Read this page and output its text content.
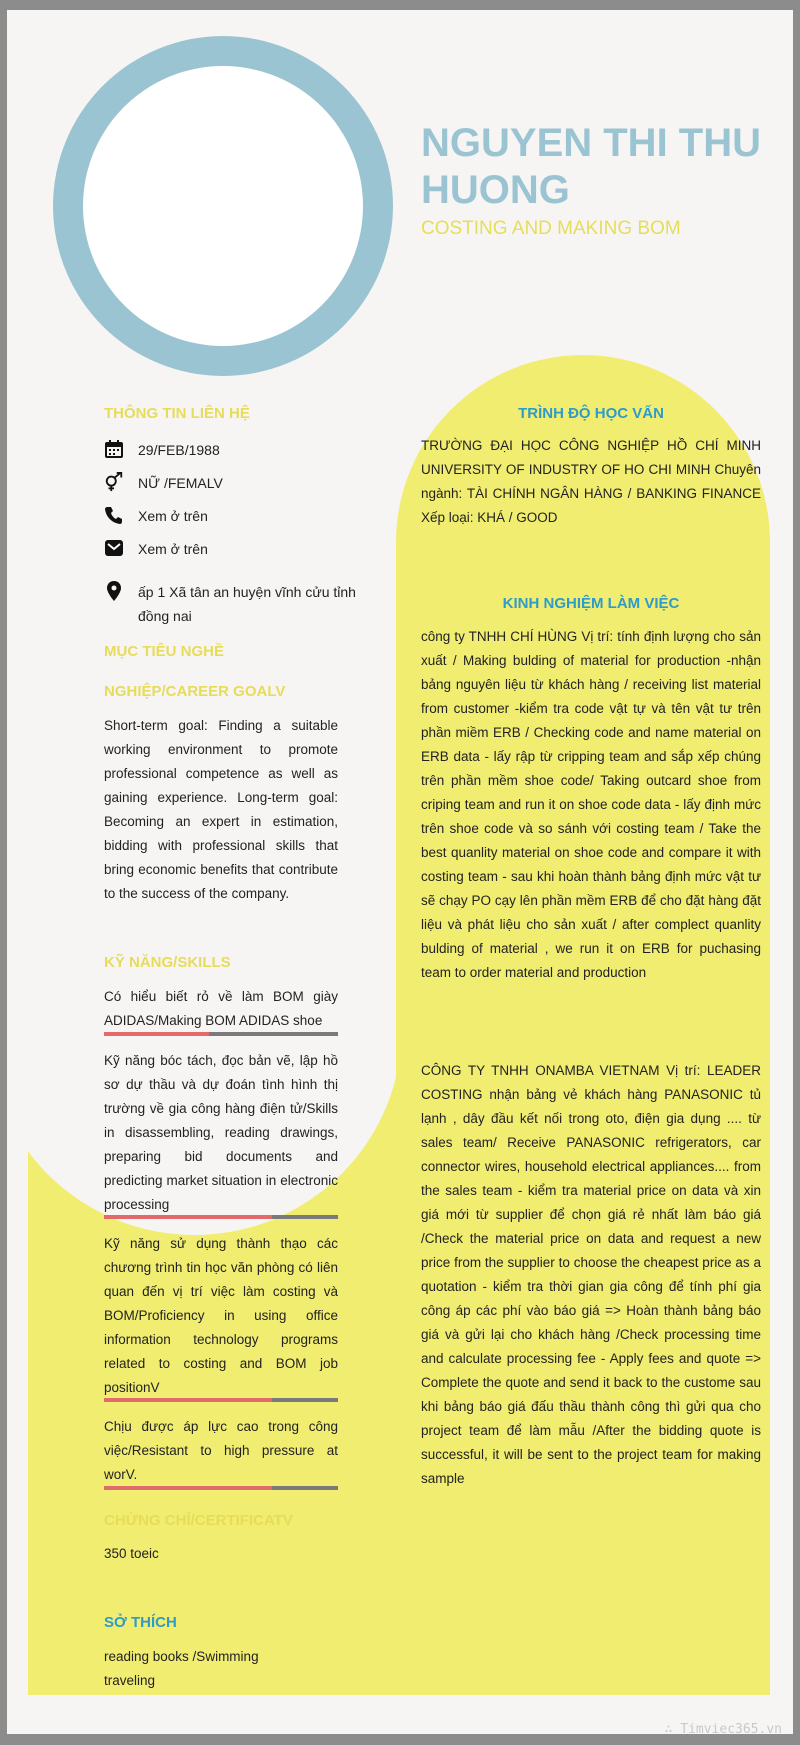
NGUYEN THI THU HUONG
COSTING AND MAKING BOM
THÔNG TIN LIÊN HỆ
29/FEB/1988
NỮ /FEMALV
Xem ở trên
Xem ở trên
ấp 1 Xã tân an huyện vĩnh cửu tỉnh đồng nai
MỤC TIÊU NGHỀ
NGHIỆP/CAREER GOALV
Short-term goal: Finding a suitable working environment to promote professional competence as well as gaining experience. Long-term goal: Becoming an expert in estimation, bidding with professional skills that bring economic benefits that contribute to the success of the company.
KỸ NĂNG/SKILLS
Có hiểu biết rỏ về làm BOM giày ADIDAS/Making BOM ADIDAS shoe
Kỹ năng bóc tách, đọc bản vẽ, lập hồ sơ dự thầu và dự đoán tình hình thị trường về gia công hàng điện tử/Skills in disassembling, reading drawings, preparing bid documents and predicting market situation in electronic processing
Kỹ năng sử dụng thành thạo các chương trình tin học văn phòng có liên quan đến vị trí việc làm costing và BOM/Proficiency in using office information technology programs related to costing and BOM job positionV
Chịu được áp lực cao trong công việc/Resistant to high pressure at worV.
CHỨNG CHỈ/CERTIFICATV
350 toeic
SỞ THÍCH
reading books /Swimming
traveling
TRÌNH ĐỘ HỌC VẤN
TRƯỜNG ĐẠI HỌC CÔNG NGHIỆP HỒ CHÍ MINH UNIVERSITY OF INDUSTRY OF HO CHI MINH Chuyên ngành: TÀI CHÍNH NGÂN HÀNG / BANKING FINANCE Xếp loại: KHÁ / GOOD
KINH NGHIỆM LÀM VIỆC
công ty TNHH CHÍ HÙNG Vị trí: tính định lượng cho sản xuất / Making bulding of material for production -nhận bảng nguyên liệu từ khách hàng / receiving list material from customer -kiểm tra code vật tự và tên vật tư trên phần miềm ERB / Checking code and name material on ERB data - lấy rập từ cripping team and sắp xếp chúng trên phần mềm shoe code/ Taking outcard shoe from criping team and run it on shoe code data - lấy định mức trên shoe code và so sánh với costing team / Take the best quanlity material on shoe code and compare it with costing team - sau khi hoàn thành bảng định mức vật tư sẽ chạy PO cạy lên phần mềm ERB để cho đặt hàng đặt liệu và phát liệu cho sản xuất / after complect quanlity bulding of material , we run it on ERB for puchasing team to order material and production
CÔNG TY TNHH ONAMBA VIETNAM Vị trí: LEADER COSTING nhận bảng vẻ khách hàng PANASONIC tủ lạnh , dây đầu kết nối trong oto, điện gia dụng .... từ sales team/ Receive PANASONIC refrigerators, car connector wires, household electrical appliances.... from the sales team - kiểm tra material price on data và xin giá mới từ supplier để chọn giá rẻ nhất làm báo giá /Check the material price on data and request a new price from the supplier to choose the cheapest price as a quotation - kiểm tra thời gian gia công để tính phí gia công áp các phí vào báo giá => Hoàn thành bảng báo giá và gửi lại cho khách hàng /Check processing time and calculate processing fee - Apply fees and quote => Complete the quote and send it back to the custome sau khi bảng báo giá đấu thầu thành công thì gửi qua cho project team để làm mẫu /After the bidding quote is successful, it will be sent to the project team for making sample
∴ Timviec365.vn
